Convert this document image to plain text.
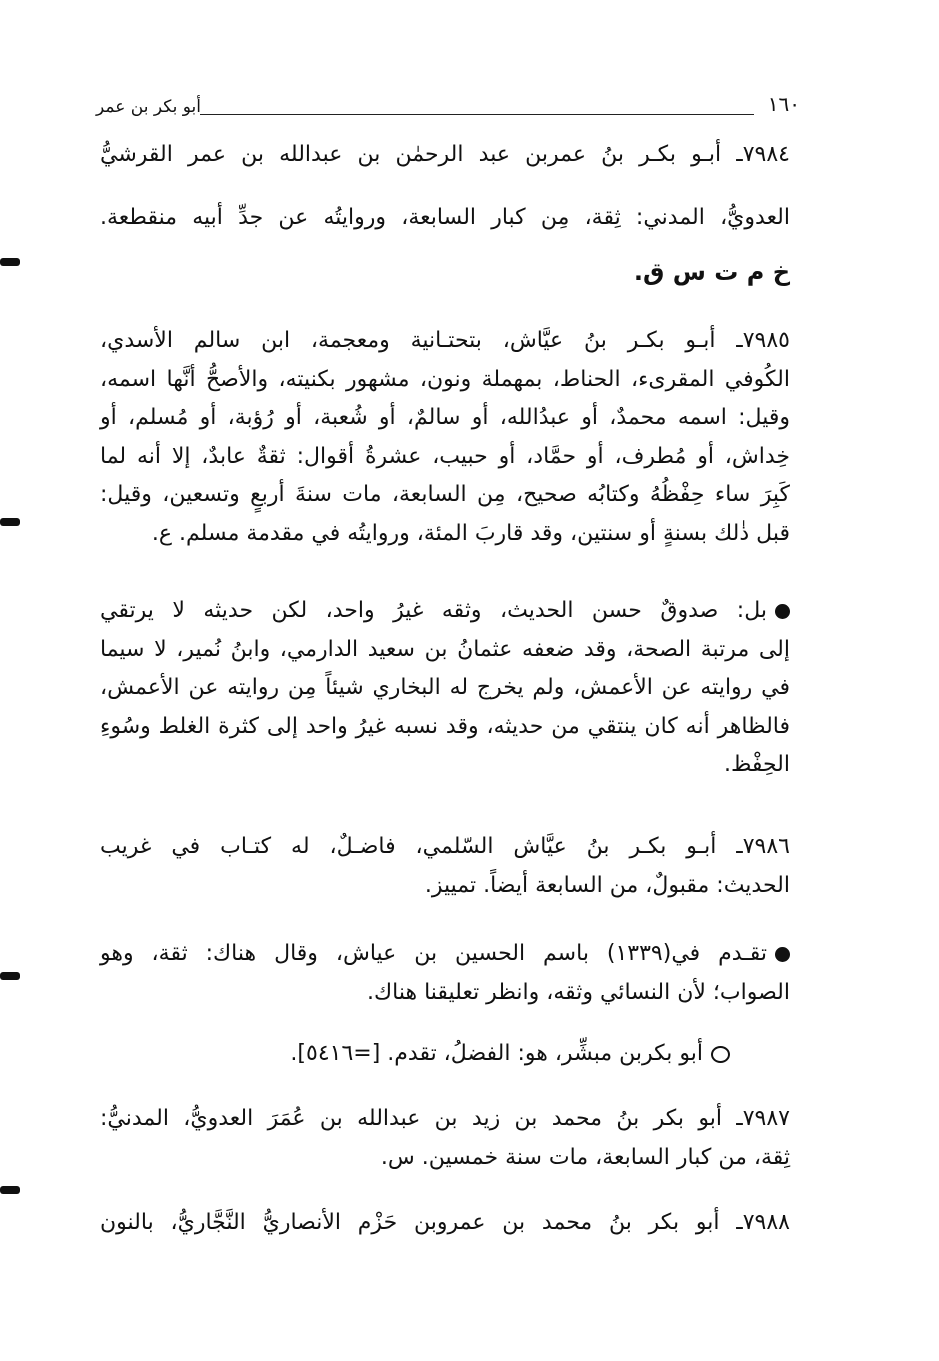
١٦٠
أبو بكر بن عمر
٧٩٨٤ـ أبـو بكـر بنُ عمربن عبد الرحمٰن بن عبدالله بن عمر القرشيُّ
العدويُّ، المدني: ثِقة، مِن كبار السابعة، وروايتُه عن جدِّ أبيه منقطعة.
خ م ت س ق.
٧٩٨٥ـ أبـو بكـر بنُ عيَّاش، بتحتـانية ومعجمة، ابن سالم الأسدي،
الكُوفي المقرىء، الحناط، بمهملة ونون، مشهور بكنيته، والأصحُّ أنَّها اسمه،
وقيل: اسمه محمدٌ، أو عبدُالله، أو سالمٌ، أو شُعبة، أو رُؤبة، أو مُسلم، أو
خِداش، أو مُطرف، أو حمَّاد، أو حبيب، عشرةُ أقوال: ثقةٌ عابدٌ، إلا أنه لما
كَبِرَ ساء حِفْظُهُ وكتابُه صحيح، مِن السابعة، مات سنةَ أربعٍ وتسعين، وقيل:
قبل ذٰلك بسنةٍ أو سنتين، وقد قاربَ المئة، وروايتُه في مقدمة مسلم. ع.
بل: صدوقٌ حسن الحديث، وثقه غيرُ واحد، لكن حديثه لا يرتقي
إلى مرتبة الصحة، وقد ضعفه عثمانُ بن سعيد الدارمي، وابنُ نُمير، لا سيما
في روايته عن الأعمش، ولم يخرج له البخاري شيئاً مِن روايته عن الأعمش،
فالظاهر أنه كان ينتقي من حديثه، وقد نسبه غيرُ واحد إلى كثرة الغلط وسُوءِ
الحِفْظ.
٧٩٨٦ـ أبـو بكـر بنُ عيَّاش السّلمي، فاضـلٌ، له كتـاب في غريب
الحديث: مقبولٌ، من السابعة أيضاً. تمييز.
تقـدم في(١٣٣٩) باسم الحسين بن عياش، وقال هناك: ثقة، وهو
الصواب؛ لأن النسائي وثقه، وانظر تعليقنا هناك.
أبو بكربن مبشِّر، هو: الفضلُ، تقدم. [=٥٤١٦].
٧٩٨٧ـ أبو بكر بنُ محمد بن زيد بن عبدالله بن عُمَرَ العدويُّ، المدنيُّ:
ثِقة، من كبار السابعة، مات سنة خمسين. س.
٧٩٨٨ـ أبو بكر بنُ محمد بن عمروبن حَزْم الأنصاريُّ النَّجَّاريُّ، بالنون
